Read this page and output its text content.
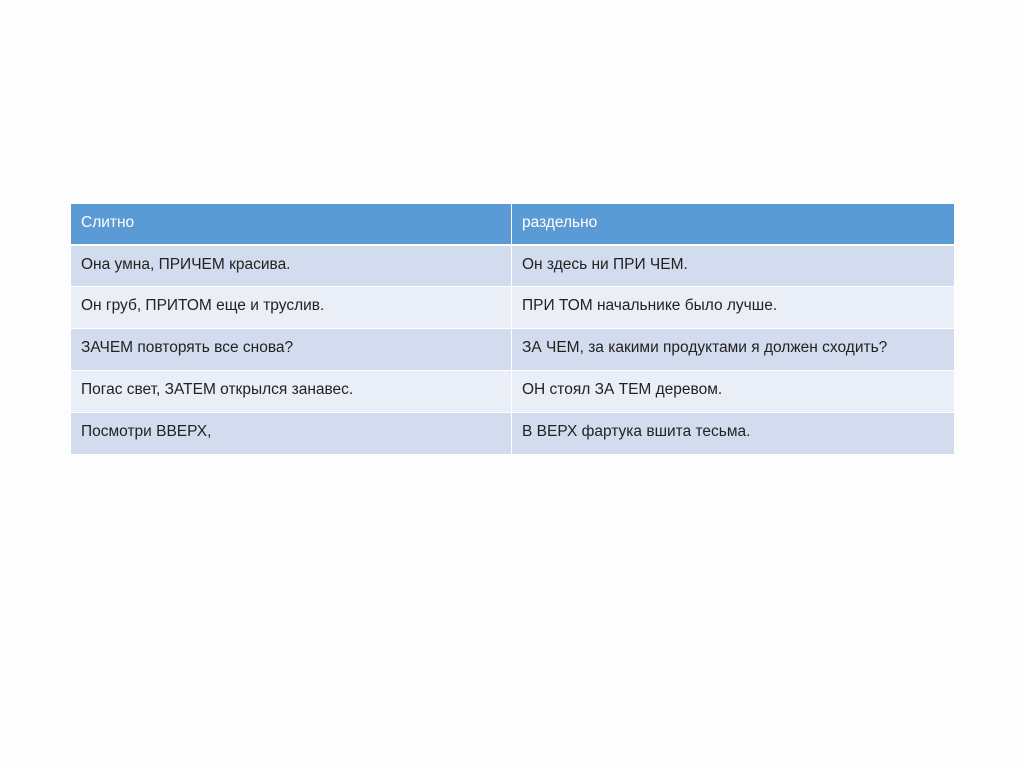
Слитно	раздельно
Она умна, ПРИЧЕМ красива.	Он здесь ни ПРИ ЧЕМ.
Он груб, ПРИТОМ еще и труслив.	ПРИ ТОМ начальнике было лучше.
ЗАЧЕМ повторять все снова?	ЗА ЧЕМ, за какими продуктами я должен сходить?
Погас свет, ЗАТЕМ открылся занавес.	ОН стоял ЗА ТЕМ деревом.
Посмотри ВВЕРХ,	В ВЕРХ фартука вшита тесьма.
